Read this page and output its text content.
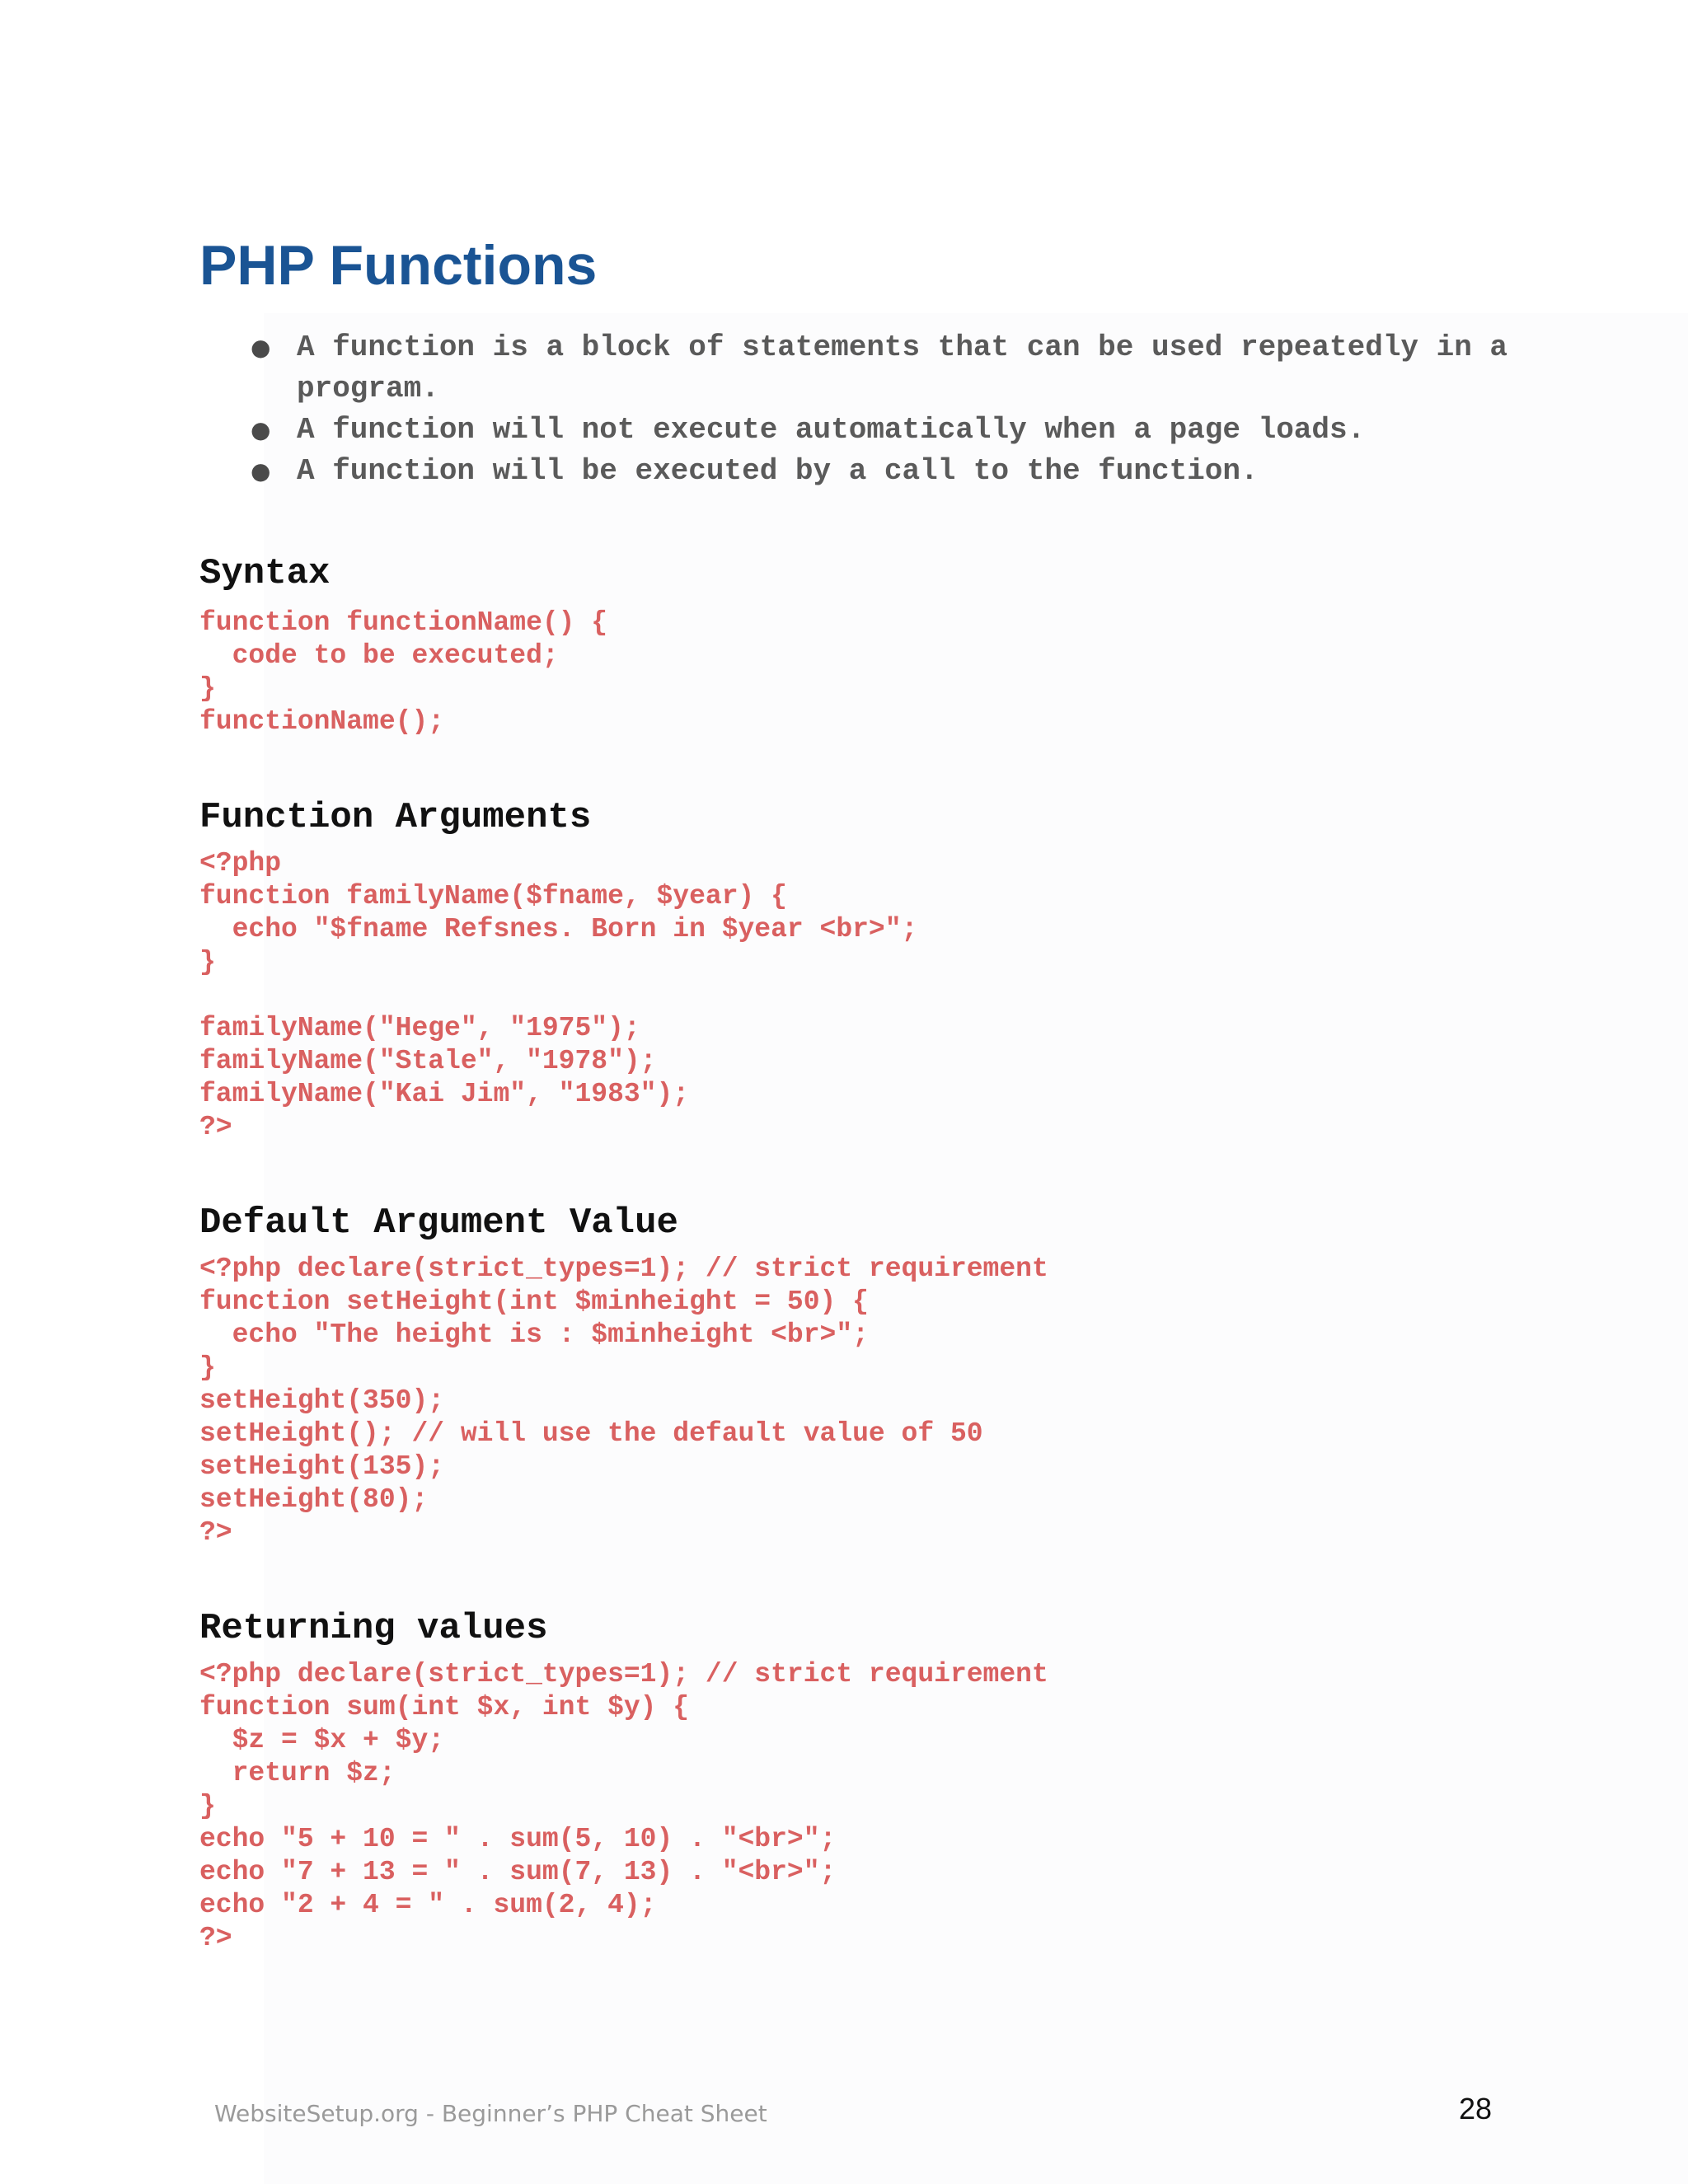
PHP Functions
● A function is a block of statements that can be used repeatedly in a program.
● A function will not execute automatically when a page loads.
● A function will be executed by a call to the function.
Syntax
function functionName() {
code to be executed;
}
functionName();
Function Arguments
<?php
function familyName($fname, $year) {
echo "$fname Refsnes. Born in $year <br>";
}

familyName("Hege", "1975");
familyName("Stale", "1978");
familyName("Kai Jim", "1983");
?>
Default Argument Value
<?php declare(strict_types=1); // strict requirement
function setHeight(int $minheight = 50) {
echo "The height is : $minheight <br>";
}
setHeight(350);
setHeight(); // will use the default value of 50
setHeight(135);
setHeight(80);
?>
Returning values
<?php declare(strict_types=1); // strict requirement
function sum(int $x, int $y) {
$z = $x + $y;
return $z;
}
echo "5 + 10 = " . sum(5, 10) . "<br>";
echo "7 + 13 = " . sum(7, 13) . "<br>";
echo "2 + 4 = " . sum(2, 4);
?>
WebsiteSetup.org - Beginner’s PHP Cheat Sheet	28
